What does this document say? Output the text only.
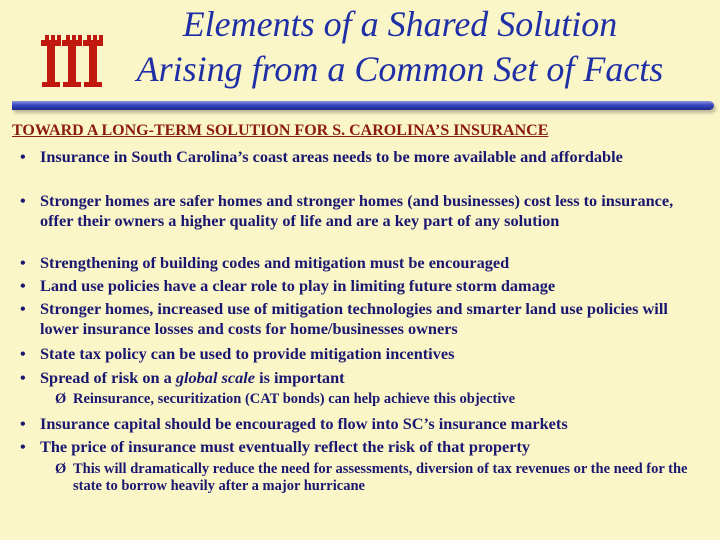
Elements of a Shared Solution
Arising from a Common Set of Facts
TOWARD A LONG-TERM SOLUTION FOR S. CAROLINA’S INSURANCE
• Insurance in South Carolina’s coast areas needs to be more available and affordable
• Stronger homes are safer homes and stronger homes (and businesses) cost less to insurance, offer their owners a higher quality of life and are a key part of any solution
• Strengthening of building codes and mitigation must be encouraged
• Land use policies have a clear role to play in limiting future storm damage
• Stronger homes, increased use of mitigation technologies and smarter land use policies will lower insurance losses and costs for home/businesses owners
• State tax policy can be used to provide mitigation incentives
• Spread of risk on a global scale is important
Ø Reinsurance, securitization (CAT bonds) can help achieve this objective
• Insurance capital should be encouraged to flow into SC’s insurance markets
• The price of insurance must eventually reflect the risk of that property
Ø This will dramatically reduce the need for assessments, diversion of tax revenues or the need for the state to borrow heavily after a major hurricane
